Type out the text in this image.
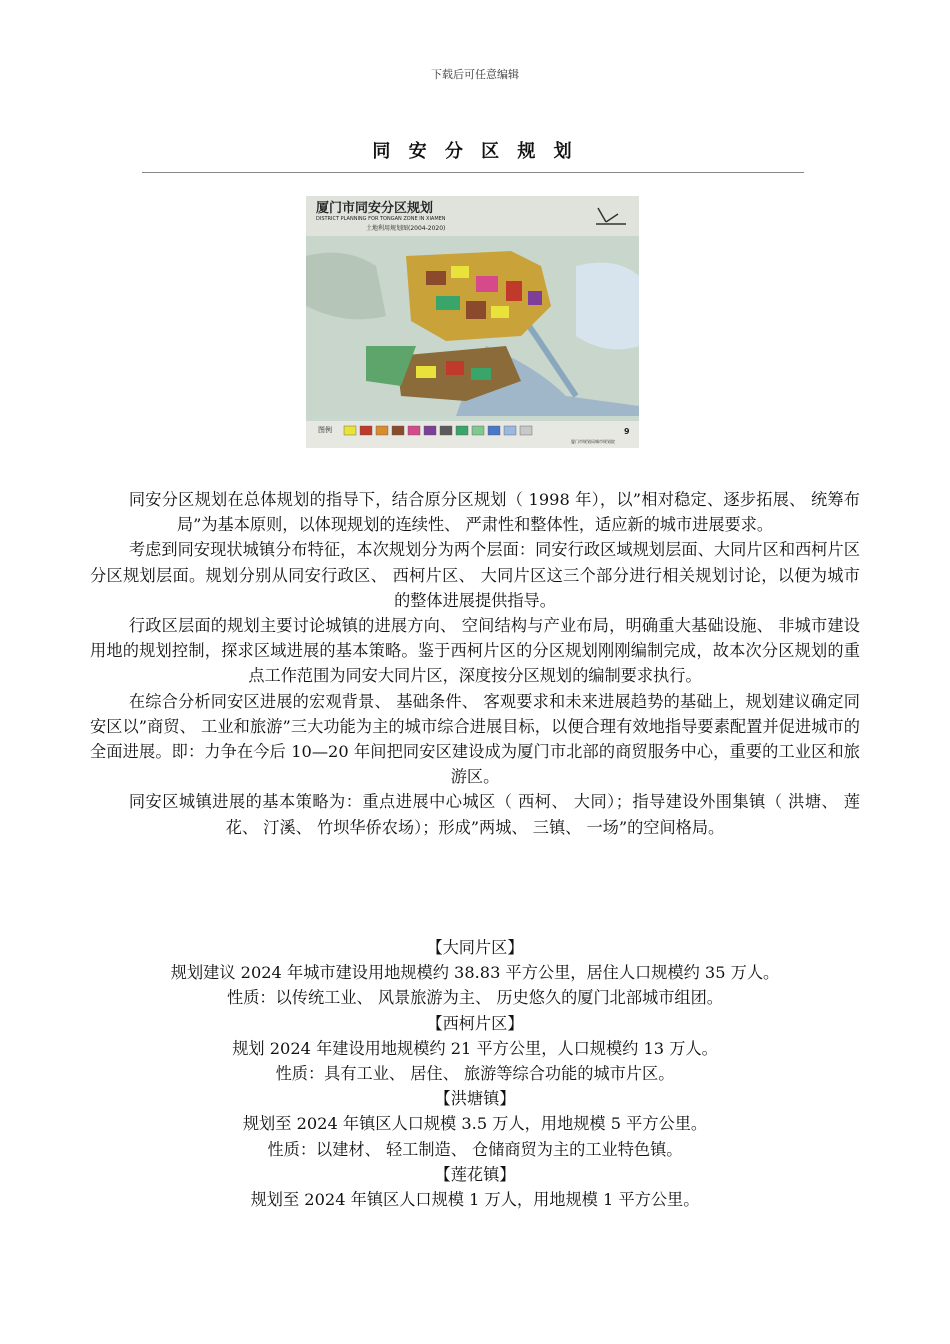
下载后可任意编辑
同 安 分 区 规 划
厦门市同安分区规划
DISTRICT PLANNING FOR TONGAN ZONE IN XIAMEN
土地利用规划图(2004-2020)
图例	9
厦门市规划局城市规划院

同安分区规划在总体规划的指导下，结合原分区规划（ 1998 年），以”相对稳定、逐步拓展、 统筹布局”为基本原则，以体现规划的连续性、 严肃性和整体性，适应新的城市进展要求。

考虑到同安现状城镇分布特征，本次规划分为两个层面：同安行政区域规划层面、大同片区和西柯片区分区规划层面。规划分别从同安行政区、 西柯片区、 大同片区这三个部分进行相关规划讨论，以便为城市的整体进展提供指导。

行政区层面的规划主要讨论城镇的进展方向、 空间结构与产业布局，明确重大基础设施、 非城市建设用地的规划控制，探求区域进展的基本策略。鉴于西柯片区的分区规划刚刚编制完成，故本次分区规划的重点工作范围为同安大同片区，深度按分区规划的编制要求执行。

在综合分析同安区进展的宏观背景、 基础条件、 客观要求和未来进展趋势的基础上，规划建议确定同安区以”商贸、 工业和旅游”三大功能为主的城市综合进展目标，以便合理有效地指导要素配置并促进城市的全面进展。即：力争在今后 10—20 年间把同安区建设成为厦门市北部的商贸服务中心，重要的工业区和旅游区。

同安区城镇进展的基本策略为：重点进展中心城区（ 西柯、 大同）；指导建设外围集镇（ 洪塘、 莲花、 汀溪、 竹坝华侨农场）；形成”两城、 三镇、 一场”的空间格局。

【大同片区】
规划建议 2024 年城市建设用地规模约 38.83 平方公里，居住人口规模约 35 万人。
性质：以传统工业、 风景旅游为主、 历史悠久的厦门北部城市组团。
【西柯片区】
规划 2024 年建设用地规模约 21 平方公里，人口规模约 13 万人。
性质：具有工业、 居住、 旅游等综合功能的城市片区。
【洪塘镇】
规划至 2024 年镇区人口规模 3.5 万人，用地规模 5 平方公里。
性质：以建材、 轻工制造、 仓储商贸为主的工业特色镇。
【莲花镇】
规划至 2024 年镇区人口规模 1 万人，用地规模 1 平方公里。
